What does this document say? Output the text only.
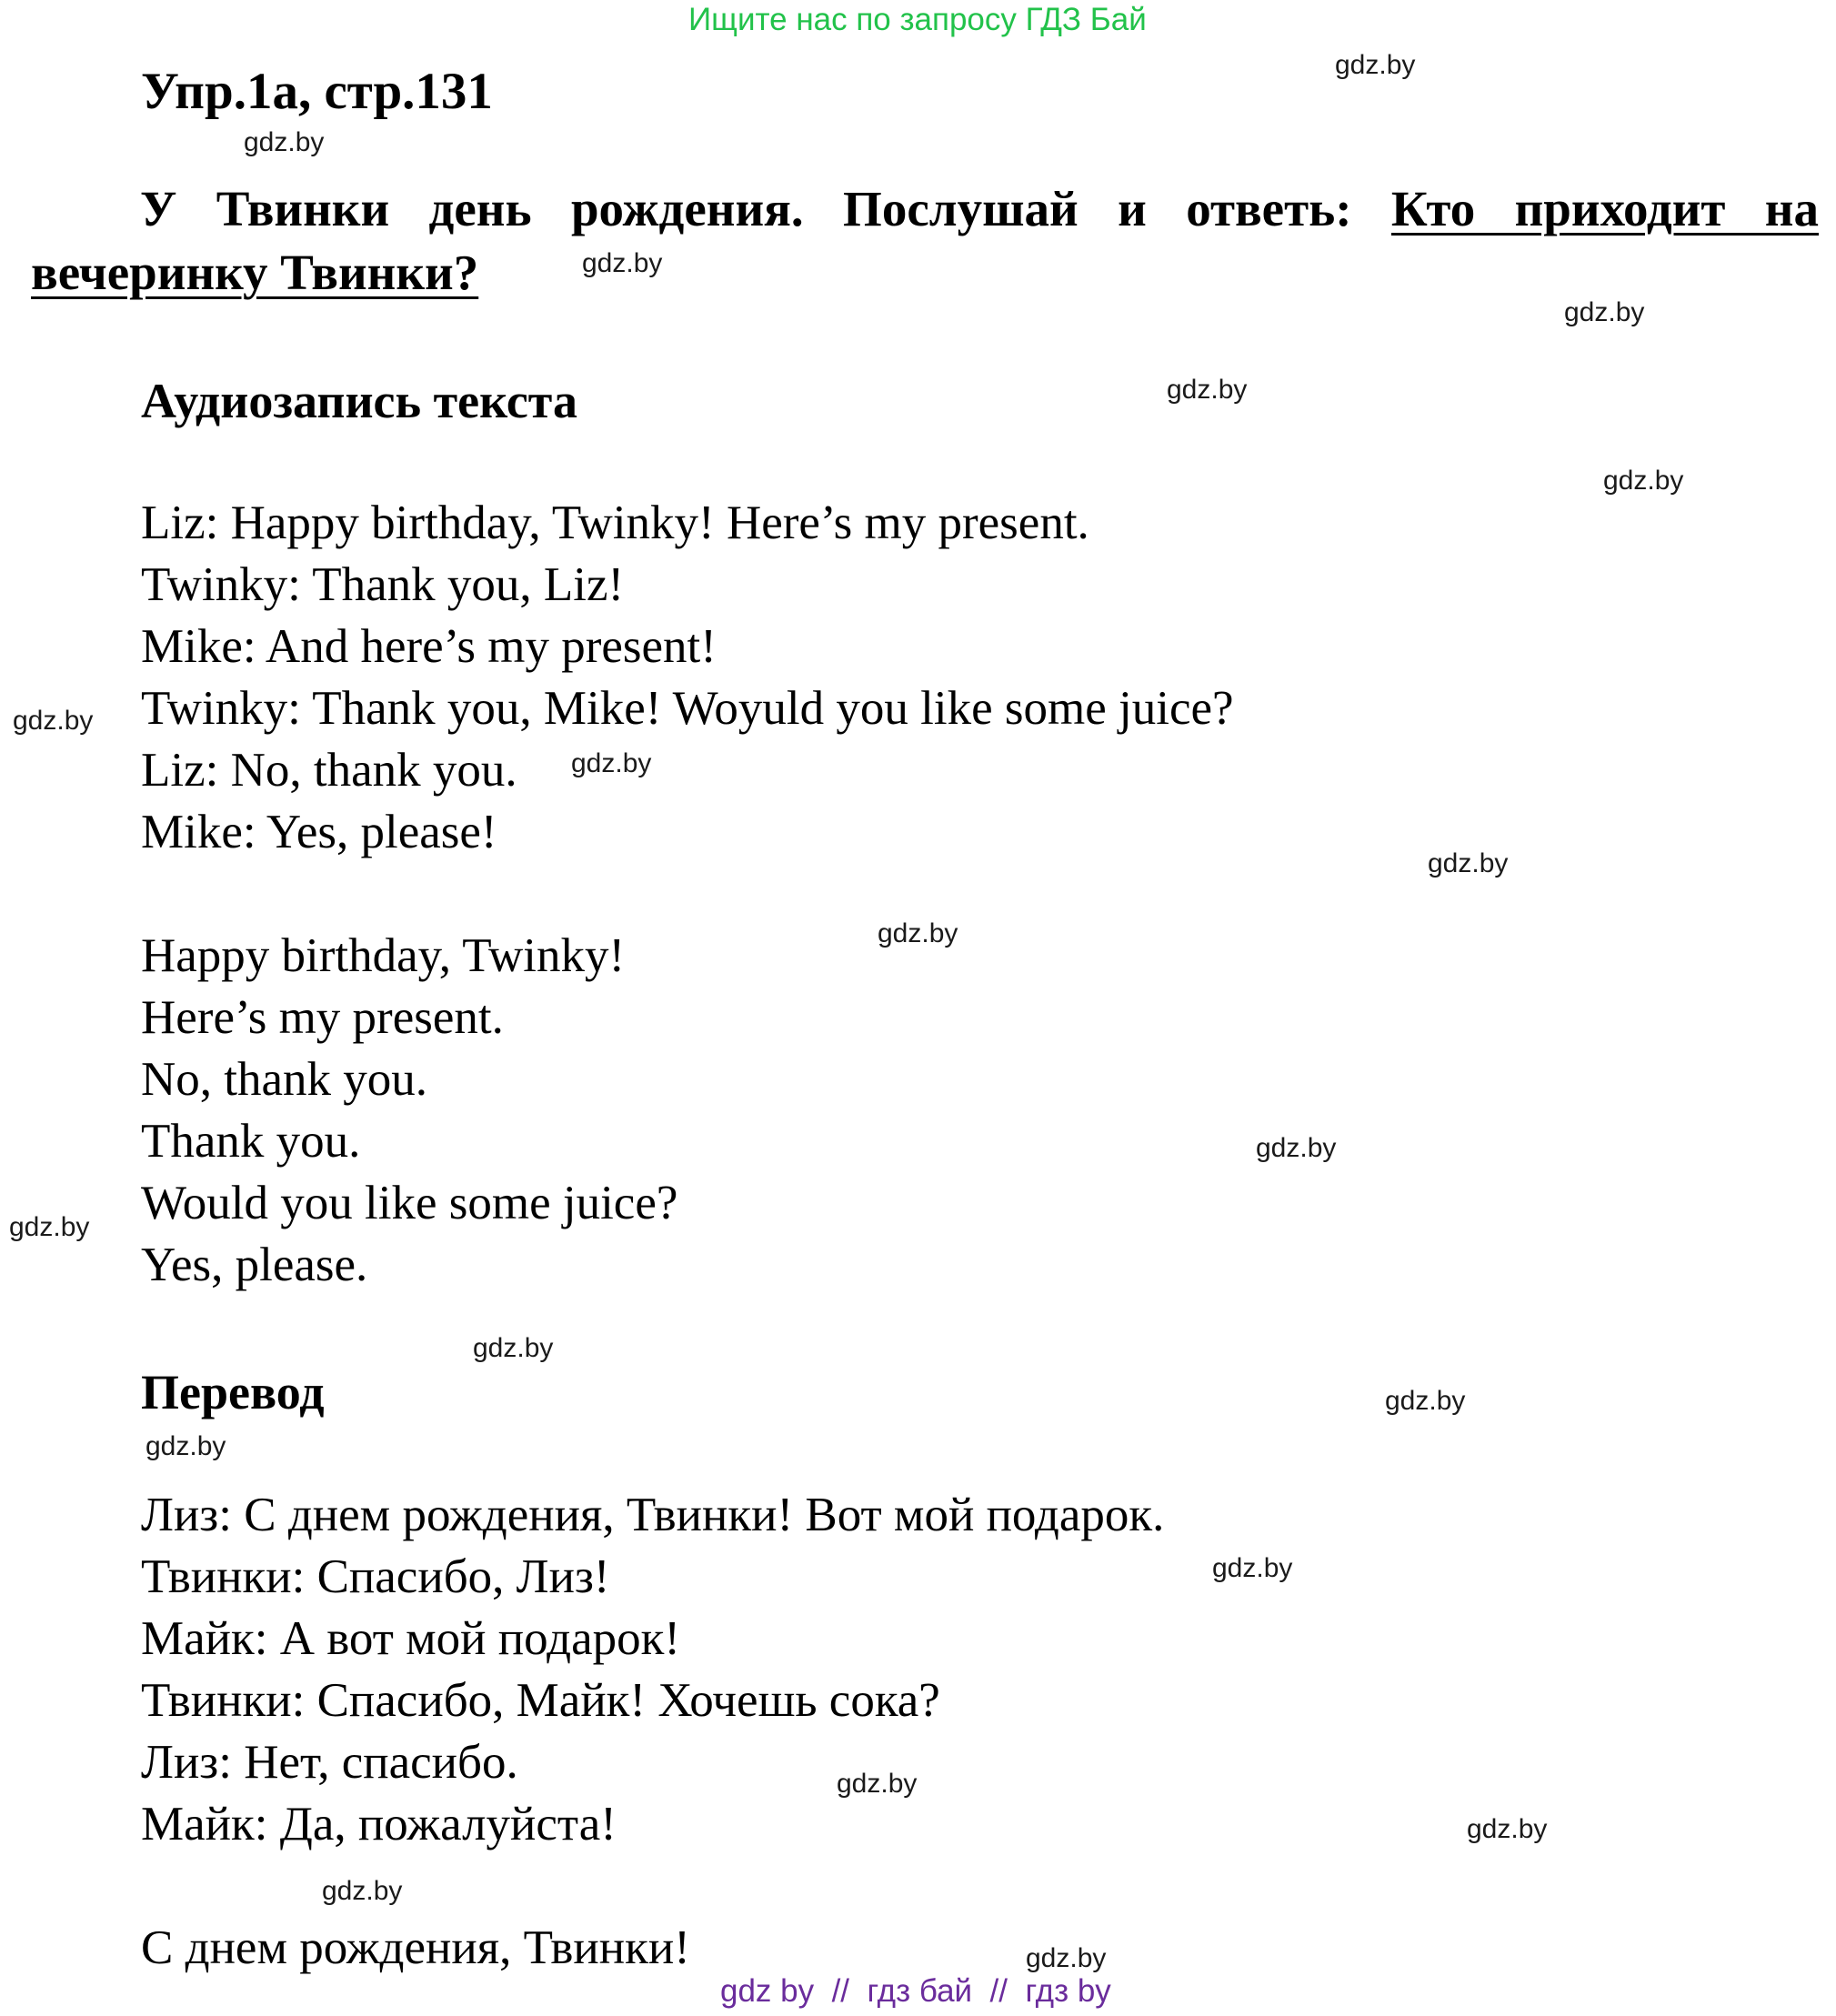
Ищите нас по запросу ГДЗ Бай
Упр.1а, стр.131
У Твинки день рождения. Послушай и ответь: Кто приходит на вечеринку Твинки?
Аудиозапись текста
Liz: Happy birthday, Twinky! Here’s my present.
Twinky: Thank you, Liz!
Mike: And here’s my present!
Twinky: Thank you, Mike! Woyuld you like some juice?
Liz: No, thank you.
Mike: Yes, please!
Happy birthday, Twinky!
Here’s my present.
No, thank you.
Thank you.
Would you like some juice?
Yes, please.
Перевод
Лиз: С днем рождения, Твинки! Вот мой подарок.
Твинки: Спасибо, Лиз!
Майк: А вот мой подарок!
Твинки: Спасибо, Майк! Хочешь сока?
Лиз: Нет, спасибо.
Майк: Да, пожалуйста!
С днем рождения, Твинки!
gdz.by
gdz.by
gdz.by
gdz.by
gdz.by
gdz.by
gdz.by
gdz.by
gdz.by
gdz.by
gdz.by
gdz.by
gdz.by
gdz.by
gdz.by
gdz.by
gdz.by
gdz.by
gdz.by
gdz.by
gdz by  //  гдз бай  //  гдз by
